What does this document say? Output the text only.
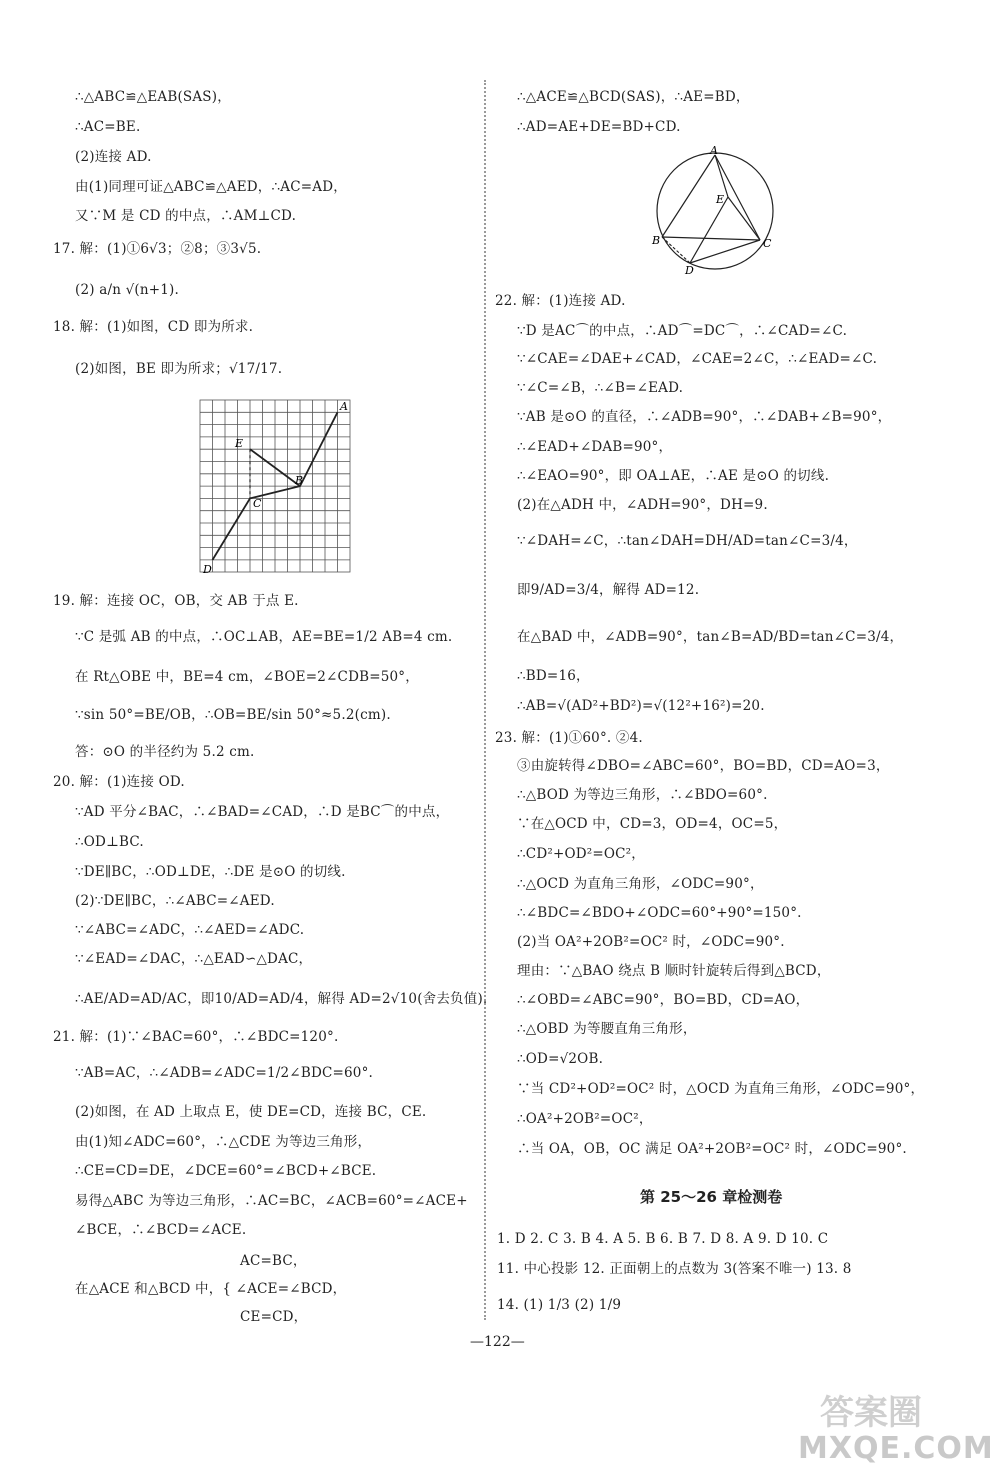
∴△ABC≌△EAB(SAS)，
∴AC=BE.
(2)连接 AD.
由(1)同理可证△ABC≌△AED，∴AC=AD，
又∵M 是 CD 的中点，∴AM⊥CD.
17. 解：(1)①6√3；②8；③3√5.
(2) a/n √(n+1).
18. 解：(1)如图，CD 即为所求.
(2)如图，BE 即为所求；√17/17.
A
B
C
D
E
19. 解：连接 OC，OB，交 AB 于点 E.
∵C 是弧 AB 的中点，∴OC⊥AB，AE=BE=1/2 AB=4 cm.
在 Rt△OBE 中，BE=4 cm，∠BOE=2∠CDB=50°，
∵sin 50°=BE/OB，∴OB=BE/sin 50°≈5.2(cm).
答：⊙O 的半径约为 5.2 cm.
20. 解：(1)连接 OD.
∵AD 平分∠BAC，∴∠BAD=∠CAD，∴D 是BC⌒的中点，
∴OD⊥BC.
∵DE∥BC，∴OD⊥DE，∴DE 是⊙O 的切线.
(2)∵DE∥BC，∴∠ABC=∠AED.
∵∠ABC=∠ADC，∴∠AED=∠ADC.
∵∠EAD=∠DAC，∴△EAD∽△DAC，
∴AE/AD=AD/AC，即10/AD=AD/4，解得 AD=2√10(舍去负值).
21. 解：(1)∵∠BAC=60°，∴∠BDC=120°.
∵AB=AC，∴∠ADB=∠ADC=1/2∠BDC=60°.
(2)如图，在 AD 上取点 E，使 DE=CD，连接 BC，CE.
由(1)知∠ADC=60°，∴△CDE 为等边三角形，
∴CE=CD=DE，∠DCE=60°=∠BCD+∠BCE.
易得△ABC 为等边三角形，∴AC=BC，∠ACB=60°=∠ACE+
∠BCE，∴∠BCD=∠ACE.
AC=BC，
在△ACE 和△BCD 中，{ ∠ACE=∠BCD，
CE=CD，
∴△ACE≌△BCD(SAS)，∴AE=BD，
∴AD=AE+DE=BD+CD.
A
B	C
D
E
22. 解：(1)连接 AD.
∵D 是AC⌒的中点，∴AD⌒=DC⌒，∴∠CAD=∠C.
∵∠CAE=∠DAE+∠CAD，∠CAE=2∠C，∴∠EAD=∠C.
∵∠C=∠B，∴∠B=∠EAD.
∵AB 是⊙O 的直径，∴∠ADB=90°，∴∠DAB+∠B=90°，
∴∠EAD+∠DAB=90°，
∴∠EAO=90°，即 OA⊥AE，∴AE 是⊙O 的切线.
(2)在△ADH 中，∠ADH=90°，DH=9.
∵∠DAH=∠C，∴tan∠DAH=DH/AD=tan∠C=3/4，
即9/AD=3/4，解得 AD=12.
在△BAD 中，∠ADB=90°，tan∠B=AD/BD=tan∠C=3/4，
∴BD=16，
∴AB=√(AD²+BD²)=√(12²+16²)=20.
23. 解：(1)①60°. ②4.
③由旋转得∠DBO=∠ABC=60°，BO=BD，CD=AO=3，
∴△BOD 为等边三角形，∴∠BDO=60°.
∵在△OCD 中，CD=3，OD=4，OC=5，
∴CD²+OD²=OC²，
∴△OCD 为直角三角形，∠ODC=90°，
∴∠BDC=∠BDO+∠ODC=60°+90°=150°.
(2)当 OA²+2OB²=OC² 时，∠ODC=90°.
理由：∵△BAO 绕点 B 顺时针旋转后得到△BCD，
∴∠OBD=∠ABC=90°，BO=BD，CD=AO，
∴△OBD 为等腰直角三角形，
∴OD=√2OB.
∵当 CD²+OD²=OC² 时，△OCD 为直角三角形，∠ODC=90°，
∴OA²+2OB²=OC²，
∴当 OA，OB，OC 满足 OA²+2OB²=OC² 时，∠ODC=90°.
第 25～26 章检测卷
1. D 2. C 3. B 4. A 5. B 6. B 7. D 8. A 9. D 10. C
11. 中心投影 12. 正面朝上的点数为 3(答案不唯一) 13. 8
14. (1) 1/3 (2) 1/9
—122—
答案圈
MXQE.COM
